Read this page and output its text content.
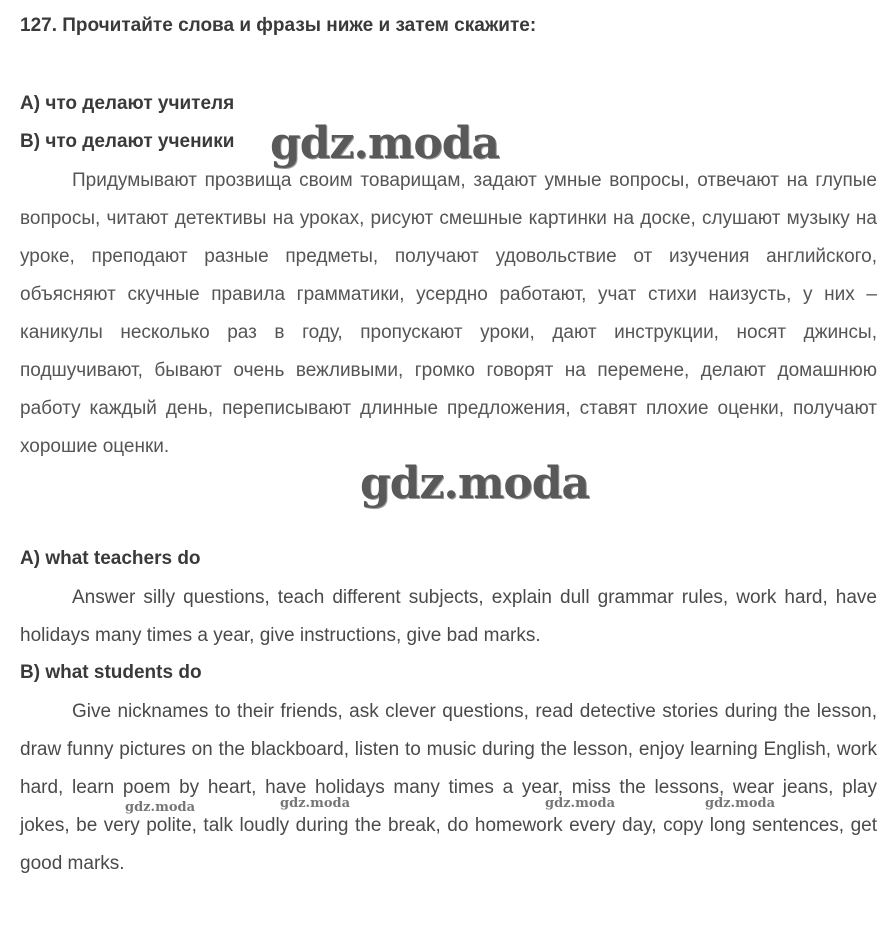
127. Прочитайте слова и фразы ниже и затем скажите:
А) что делают учителя
В) что делают ученики

Придумывают прозвища своим товарищам, задают умные вопросы, отвечают на глупые вопросы, читают детективы на уроках, рисуют смешные картинки на доске, слушают музыку на уроке, преподают разные предметы, получают удовольствие от изучения английского, объясняют скучные правила грамматики, усердно работают, учат стихи наизусть, у них – каникулы несколько раз в году, пропускают уроки, дают инструкции, носят джинсы, подшучивают, бывают очень вежливыми, громко говорят на перемене, делают домашнюю работу каждый день, переписывают длинные предложения, ставят плохие оценки, получают хорошие оценки.

A) what teachers do

Answer silly questions, teach different subjects, explain dull grammar rules, work hard, have holidays many times a year, give instructions, give bad marks.

B) what students do

Give nicknames to their friends, ask clever questions, read detective stories during the lesson, draw funny pictures on the blackboard, listen to music during the lesson, enjoy learning English, work hard, learn poem by heart, have holidays many times a year, miss the lessons, wear jeans, play jokes, be very polite, talk loudly during the break, do homework every day, copy long sentences, get good marks.

gdz.moda
gdz.moda
gdz.moda	gdz.moda	gdz.moda	gdz.moda
